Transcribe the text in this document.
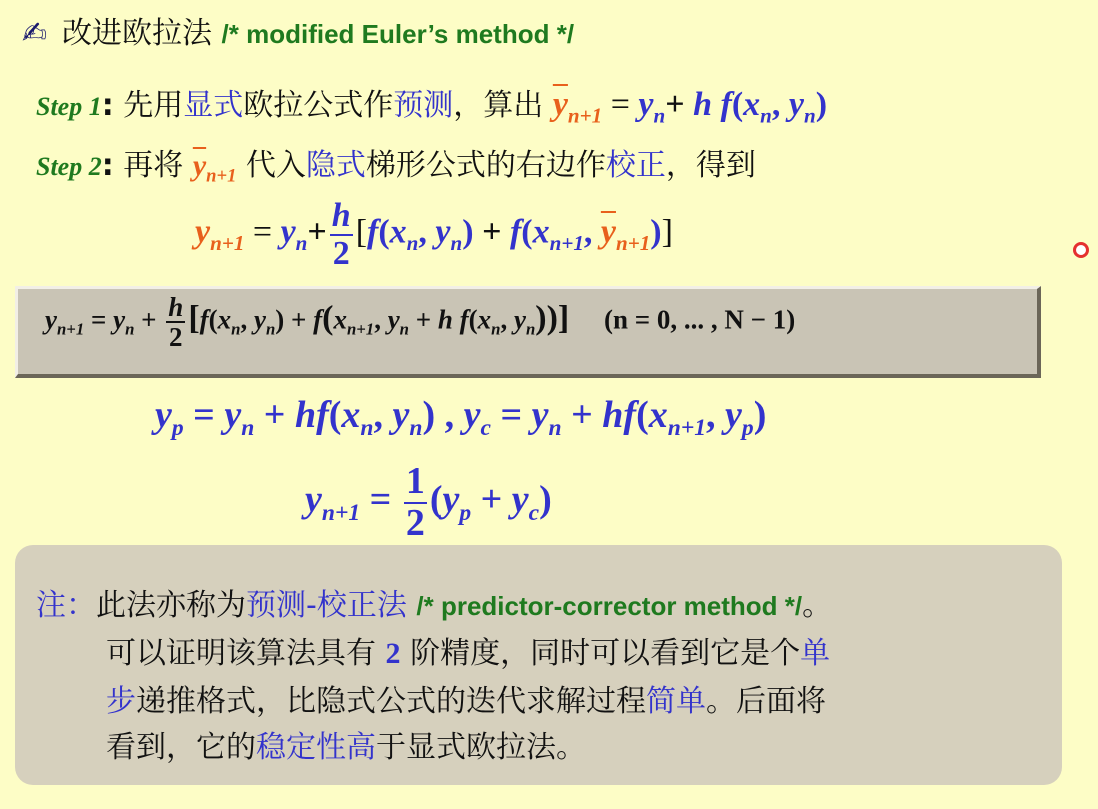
✍ 改进欧拉法 /* modified Euler’s method */
Step 1: 先用显式欧拉公式作预测，算出 $\overline{y}_{n+1} = y_n+ h$ $f(x_n$, $y_n$)
Step 2: 再将 $\overline{y}_{n+1}$ 代入隐式梯形公式的右边作校正，得到
$y_{n+1} = y_n+ \frac{h}{2} [f(x_n$, $y_n) + f(x_{n+1}$, $\overline{y}_{n+1}$)]
$y_{n+1} = y_n + \frac{h}{2} [f(x_n$, $y_n) + f(x_{n+1}$, $y_n + h$ $f(x_n$, $y_n$))] (n = 0, ... , N − 1)
$y_p = y_n + hf(x_n$, $y_n$) , $y_c = y_n + hf(x_{n+1}$, $y_p$)
$y_{n+1} = \frac{1}{2} (y_p + y_c)$
注：此法亦称为预测-校正法 /* predictor-corrector method */。
可以证明该算法具有 2 阶精度，同时可以看到它是个单
步递推格式，比隐式公式的迭代求解过程简单。后面将
看到，它的稳定性高于显式欧拉法。
